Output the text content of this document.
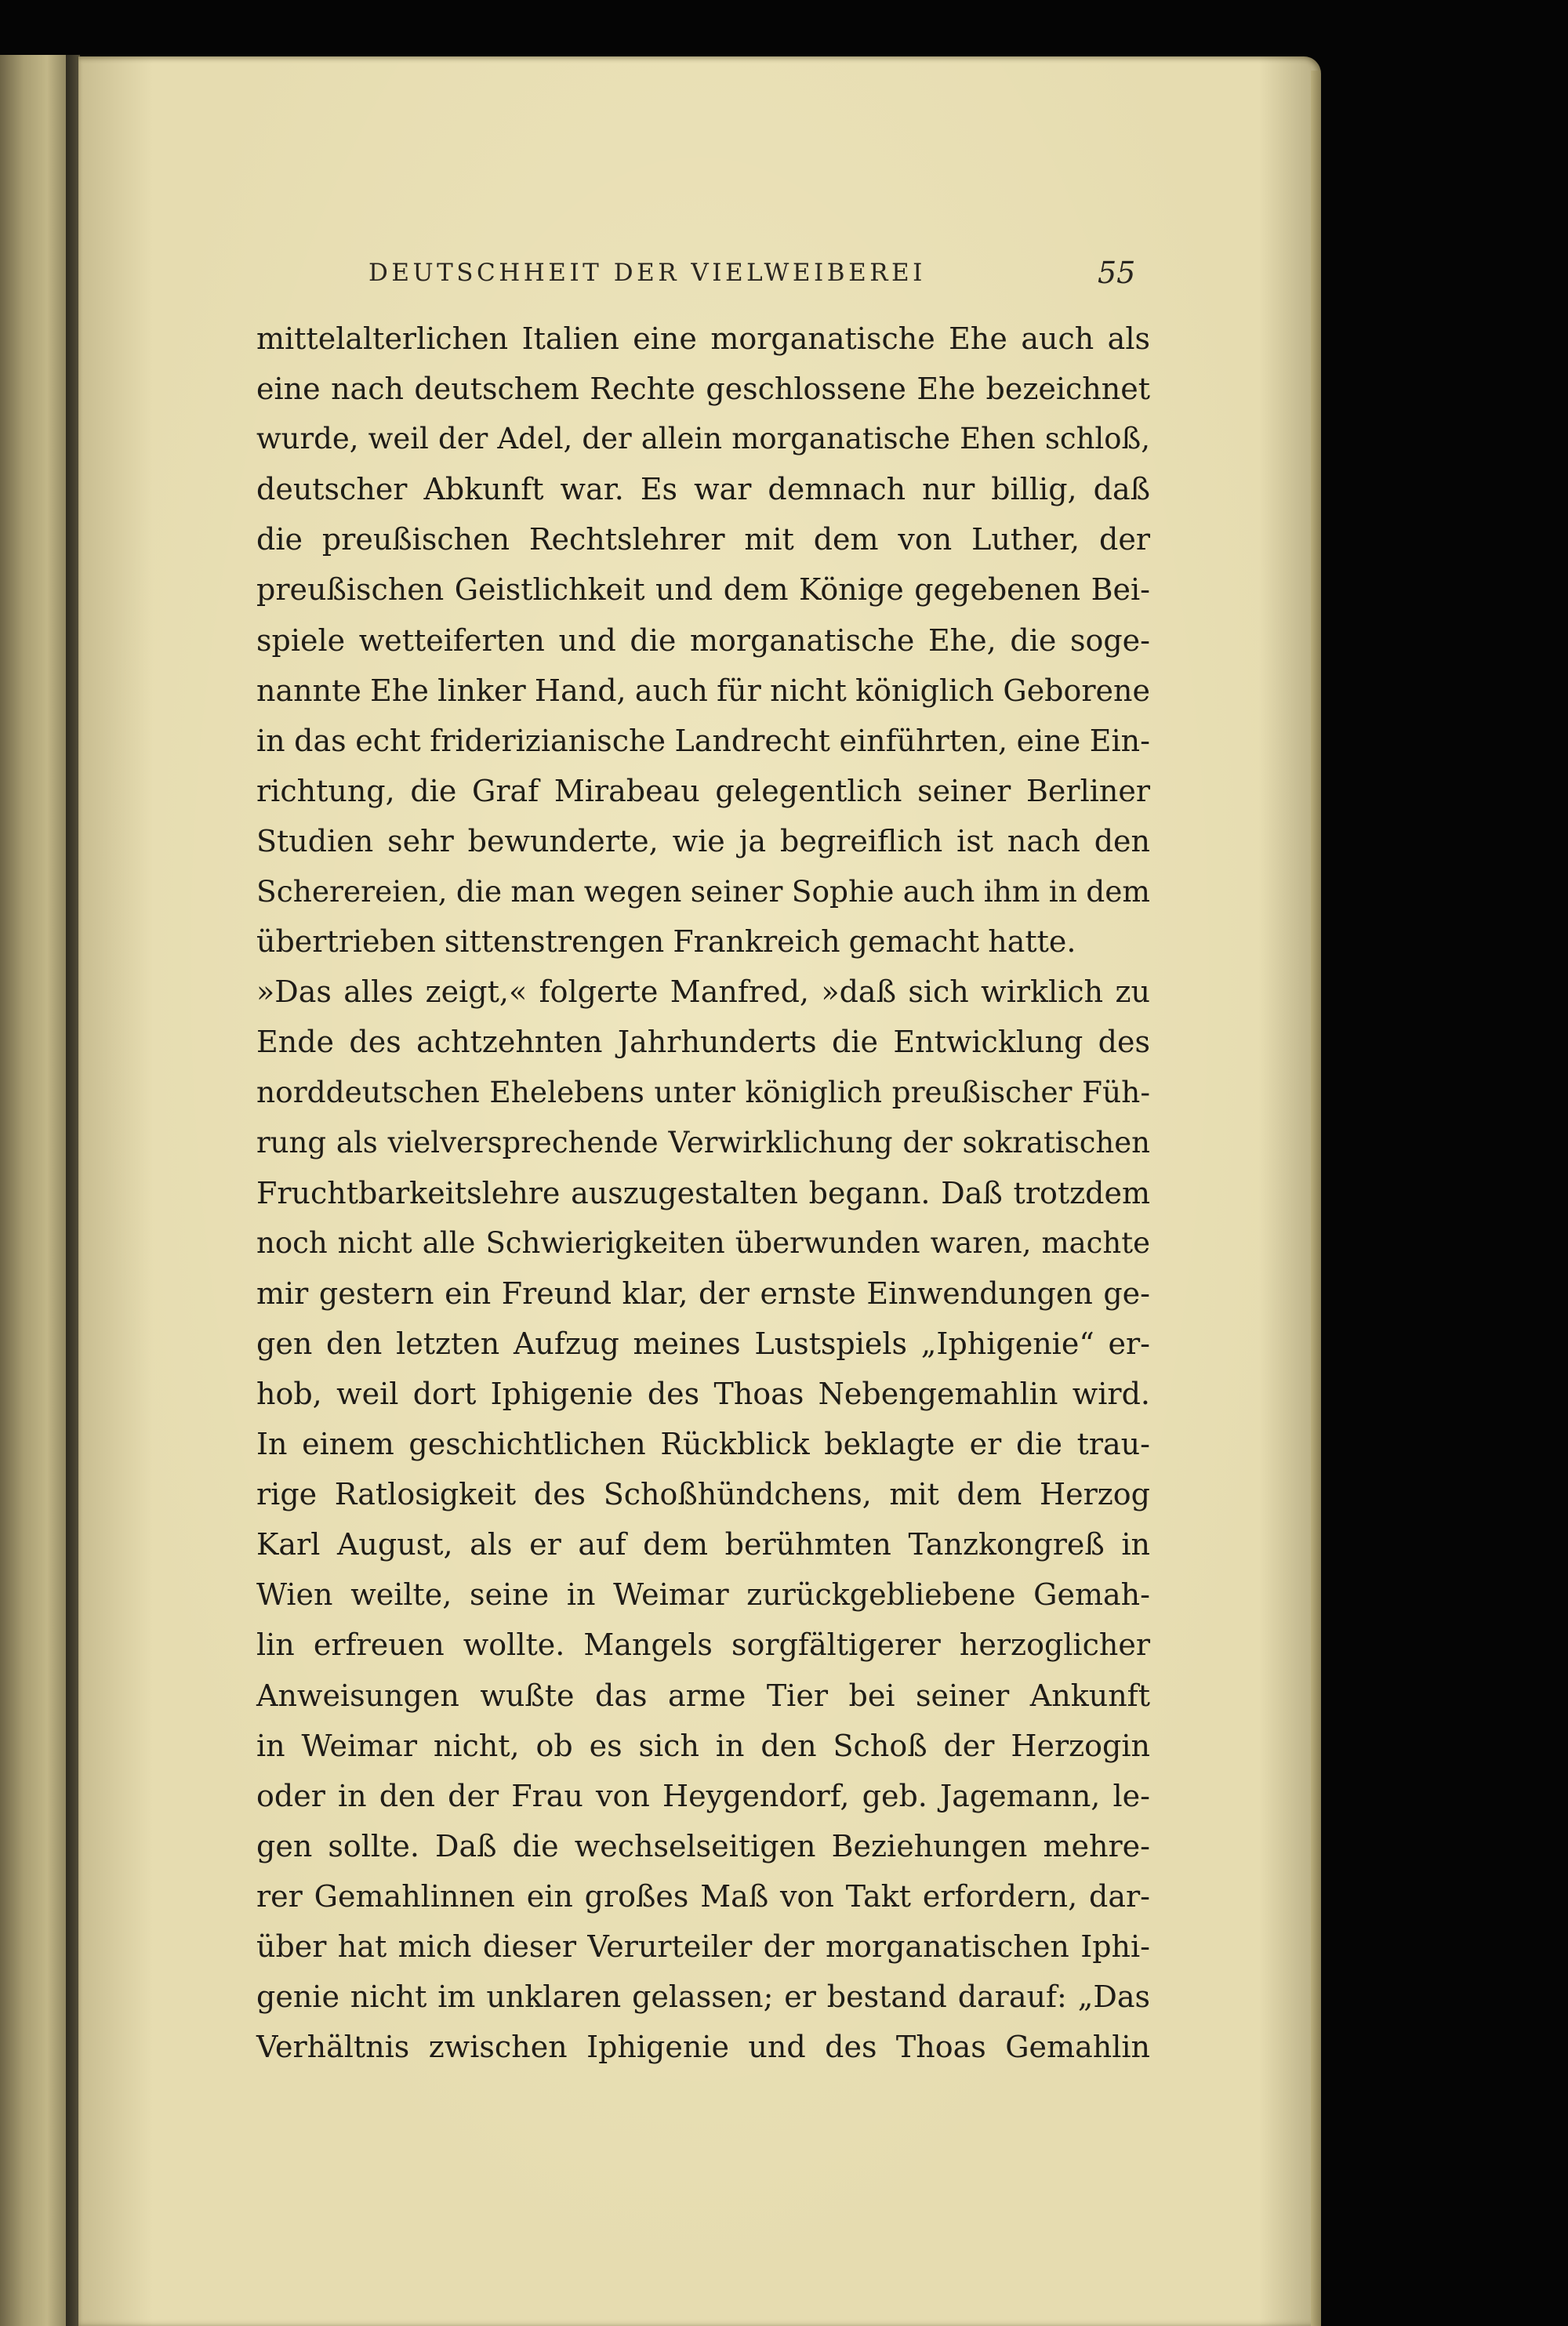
DEUTSCHHEIT DER VIELWEIBEREI	55
mittelalterlichen Italien eine morganatische Ehe auch als
eine nach deutschem Rechte geschlossene Ehe bezeichnet
wurde, weil der Adel, der allein morganatische Ehen schloß,
deutscher Abkunft war. Es war demnach nur billig, daß
die preußischen Rechtslehrer mit dem von Luther, der
preußischen Geistlichkeit und dem Könige gegebenen Bei-
spiele wetteiferten und die morganatische Ehe, die soge-
nannte Ehe linker Hand, auch für nicht königlich Geborene
in das echt friderizianische Landrecht einführten, eine Ein-
richtung, die Graf Mirabeau gelegentlich seiner Berliner
Studien sehr bewunderte, wie ja begreiflich ist nach den
Scherereien, die man wegen seiner Sophie auch ihm in dem
übertrieben sittenstrengen Frankreich gemacht hatte.
»Das alles zeigt,« folgerte Manfred, »daß sich wirklich zu
Ende des achtzehnten Jahrhunderts die Entwicklung des
norddeutschen Ehelebens unter königlich preußischer Füh-
rung als vielversprechende Verwirklichung der sokratischen
Fruchtbarkeitslehre auszugestalten begann. Daß trotzdem
noch nicht alle Schwierigkeiten überwunden waren, machte
mir gestern ein Freund klar, der ernste Einwendungen ge-
gen den letzten Aufzug meines Lustspiels „Iphigenie“ er-
hob, weil dort Iphigenie des Thoas Nebengemahlin wird.
In einem geschichtlichen Rückblick beklagte er die trau-
rige Ratlosigkeit des Schoßhündchens, mit dem Herzog
Karl August, als er auf dem berühmten Tanzkongreß in
Wien weilte, seine in Weimar zurückgebliebene Gemah-
lin erfreuen wollte. Mangels sorgfältigerer herzoglicher
Anweisungen wußte das arme Tier bei seiner Ankunft
in Weimar nicht, ob es sich in den Schoß der Herzogin
oder in den der Frau von Heygendorf, geb. Jagemann, le-
gen sollte. Daß die wechselseitigen Beziehungen mehre-
rer Gemahlinnen ein großes Maß von Takt erfordern, dar-
über hat mich dieser Verurteiler der morganatischen Iphi-
genie nicht im unklaren gelassen; er bestand darauf: „Das
Verhältnis zwischen Iphigenie und des Thoas Gemahlin
